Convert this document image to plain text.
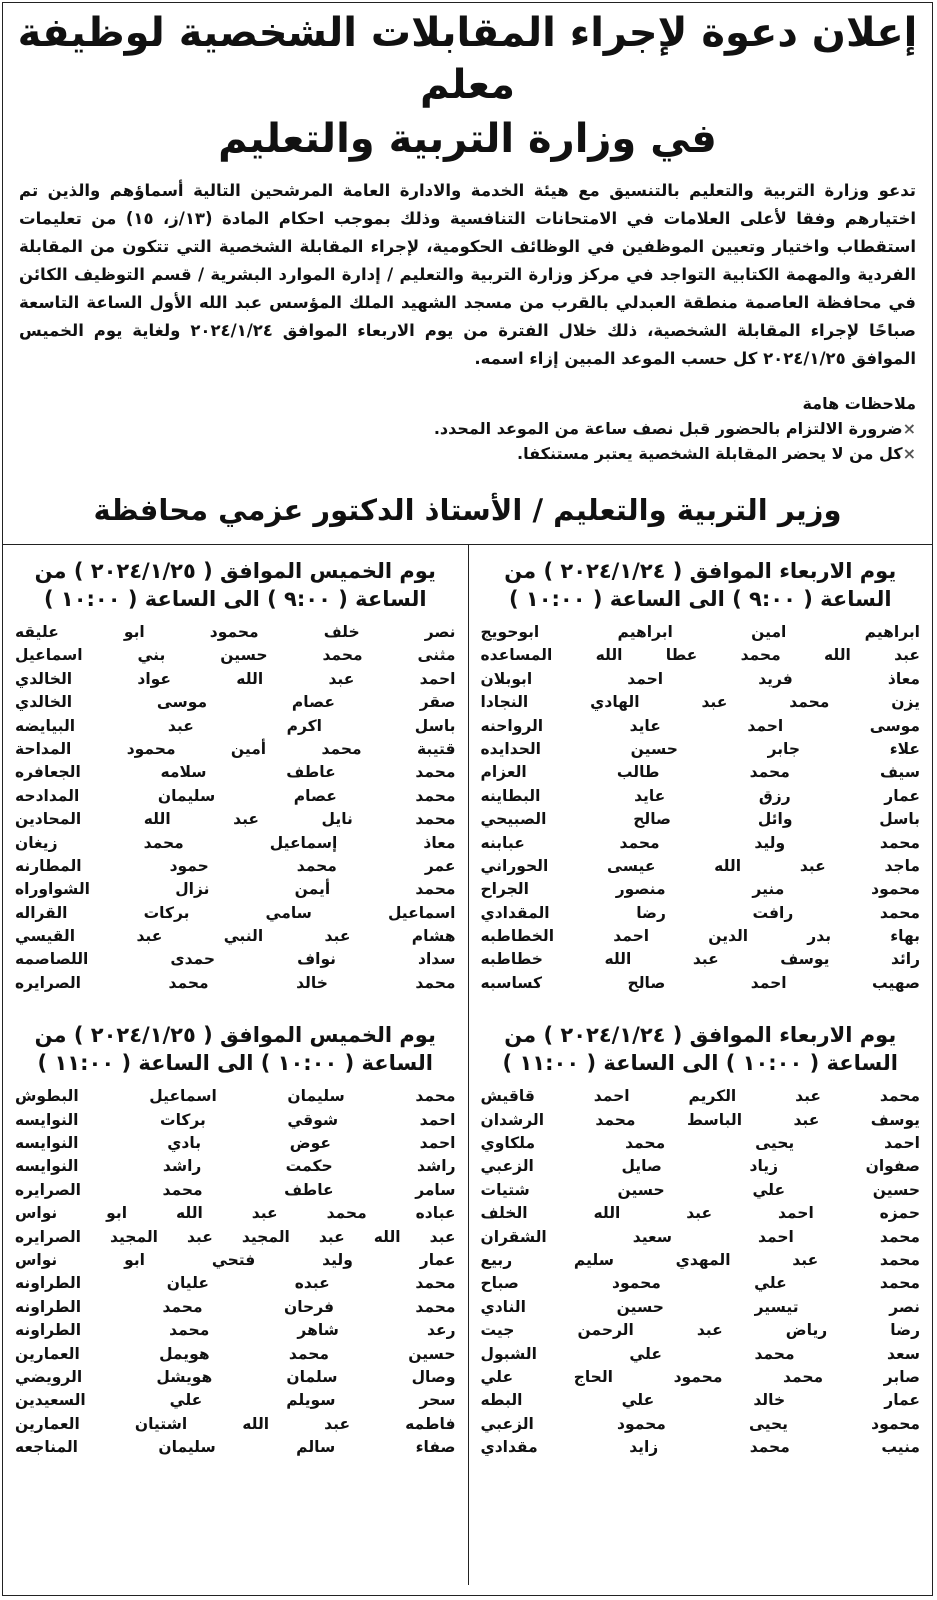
إعلان دعوة لإجراء المقابلات الشخصية لوظيفة معلم
في وزارة التربية والتعليم
تدعو وزارة التربية والتعليم بالتنسيق مع هيئة الخدمة والادارة العامة المرشحين التالية أسماؤهم والذين تم اختيارهم وفقا لأعلى العلامات في الامتحانات التنافسية وذلك بموجب احكام المادة (١٣/ز، ١٥) من تعليمات استقطاب واختيار وتعيين الموظفين في الوظائف الحكومية، لإجراء المقابلة الشخصية التي تتكون من المقابلة الفردية والمهمة الكتابية التواجد في مركز وزارة التربية والتعليم / إدارة الموارد البشرية / قسم التوظيف الكائن في محافظة العاصمة منطقة العبدلي بالقرب من مسجد الشهيد الملك المؤسس عبد الله الأول الساعة التاسعة صباحًا لإجراء المقابلة الشخصية، ذلك خلال الفترة من يوم الاربعاء الموافق ٢٠٢٤/١/٢٤ ولغاية يوم الخميس الموافق ٢٠٢٤/١/٢٥ كل حسب الموعد المبين إزاء اسمه.
ملاحظات هامة
× ضرورة الالتزام بالحضور قبل نصف ساعة من الموعد المحدد.
× كل من لا يحضر المقابلة الشخصية يعتبر مستنكفا.
وزير التربية والتعليم / الأستاذ الدكتور عزمي محافظة
يوم الاربعاء الموافق ( ٢٠٢٤/١/٢٤ ) من
الساعة ( ٩:٠٠ ) الى الساعة ( ١٠:٠٠ )
ابراهيم امين ابراهيم ابوحويج
عبد الله محمد عطا الله المساعده
معاذ فريد احمد ابوبلان
يزن محمد عبد الهادي النجادا
موسى احمد عايد الرواحنه
علاء جابر حسين الحدايده
سيف محمد طالب العزام
عمار رزق عايد البطاينه
باسل وائل صالح الصبيحي
محمد وليد محمد عبابنه
ماجد عبد الله عيسى الحوراني
محمود منير منصور الجراح
محمد رافت رضا المقدادي
بهاء بدر الدين احمد الخطاطبه
رائد يوسف عبد الله خطاطبه
صهيب احمد صالح كساسبه
يوم الاربعاء الموافق ( ٢٠٢٤/١/٢٤ ) من
الساعة ( ١٠:٠٠ ) الى الساعة ( ١١:٠٠ )
محمد عبد الكريم احمد قاقيش
يوسف عبد الباسط محمد الرشدان
احمد يحيى محمد ملكاوي
صفوان زياد صايل الزعبي
حسين علي حسين شتيات
حمزه احمد عبد الله الخلف
محمد احمد سعيد الشقران
محمد عبد المهدي سليم ربيع
محمد علي محمود صباح
نصر تيسير حسين النادي
رضا رياض عبد الرحمن جيت
سعد محمد علي الشبول
صابر محمد محمود الحاج علي
عمار خالد علي البطه
محمود يحيى محمود الزعبي
منيب محمد زايد مقدادي
يوم الخميس الموافق ( ٢٠٢٤/١/٢٥ ) من
الساعة ( ٩:٠٠ ) الى الساعة ( ١٠:٠٠ )
نصر خلف محمود ابو عليقه
مثنى محمد حسين بني اسماعيل
احمد عبد الله عواد الخالدي
صقر عصام موسى الخالدي
باسل اكرم عبد البيايضه
قتيبة محمد أمين محمود المداحة
محمد عاطف سلامه الجعافره
محمد عصام سليمان المدادحه
محمد نايل عبد الله المحادين
معاذ إسماعيل محمد زيغان
عمر محمد حمود المطارنه
محمد أيمن نزال الشواوراه
اسماعيل سامي بركات القراله
هشام عبد النبي عبد القيسي
سداد نواف حمدى اللصاصمه
محمد خالد محمد الصرايره
يوم الخميس الموافق ( ٢٠٢٤/١/٢٥ ) من
الساعة ( ١٠:٠٠ ) الى الساعة ( ١١:٠٠ )
محمد سليمان اسماعيل البطوش
احمد شوقي بركات النوايسه
احمد عوض بادي النوايسه
راشد حكمت راشد النوايسه
سامر عاطف محمد الصرايره
عباده محمد عبد الله ابو نواس
عبد الله عبد المجيد عبد المجيد الصرايره
عمار وليد فتحي ابو نواس
محمد عبده عليان الطراونه
محمد فرحان محمد الطراونه
رعد شاهر محمد الطراونه
حسين محمد هويمل العمارين
وصال سلمان هويشل الرويضي
سحر سويلم علي السعيدين
فاطمه عبد الله اشتيان العمارين
صفاء سالم سليمان المناجعه
